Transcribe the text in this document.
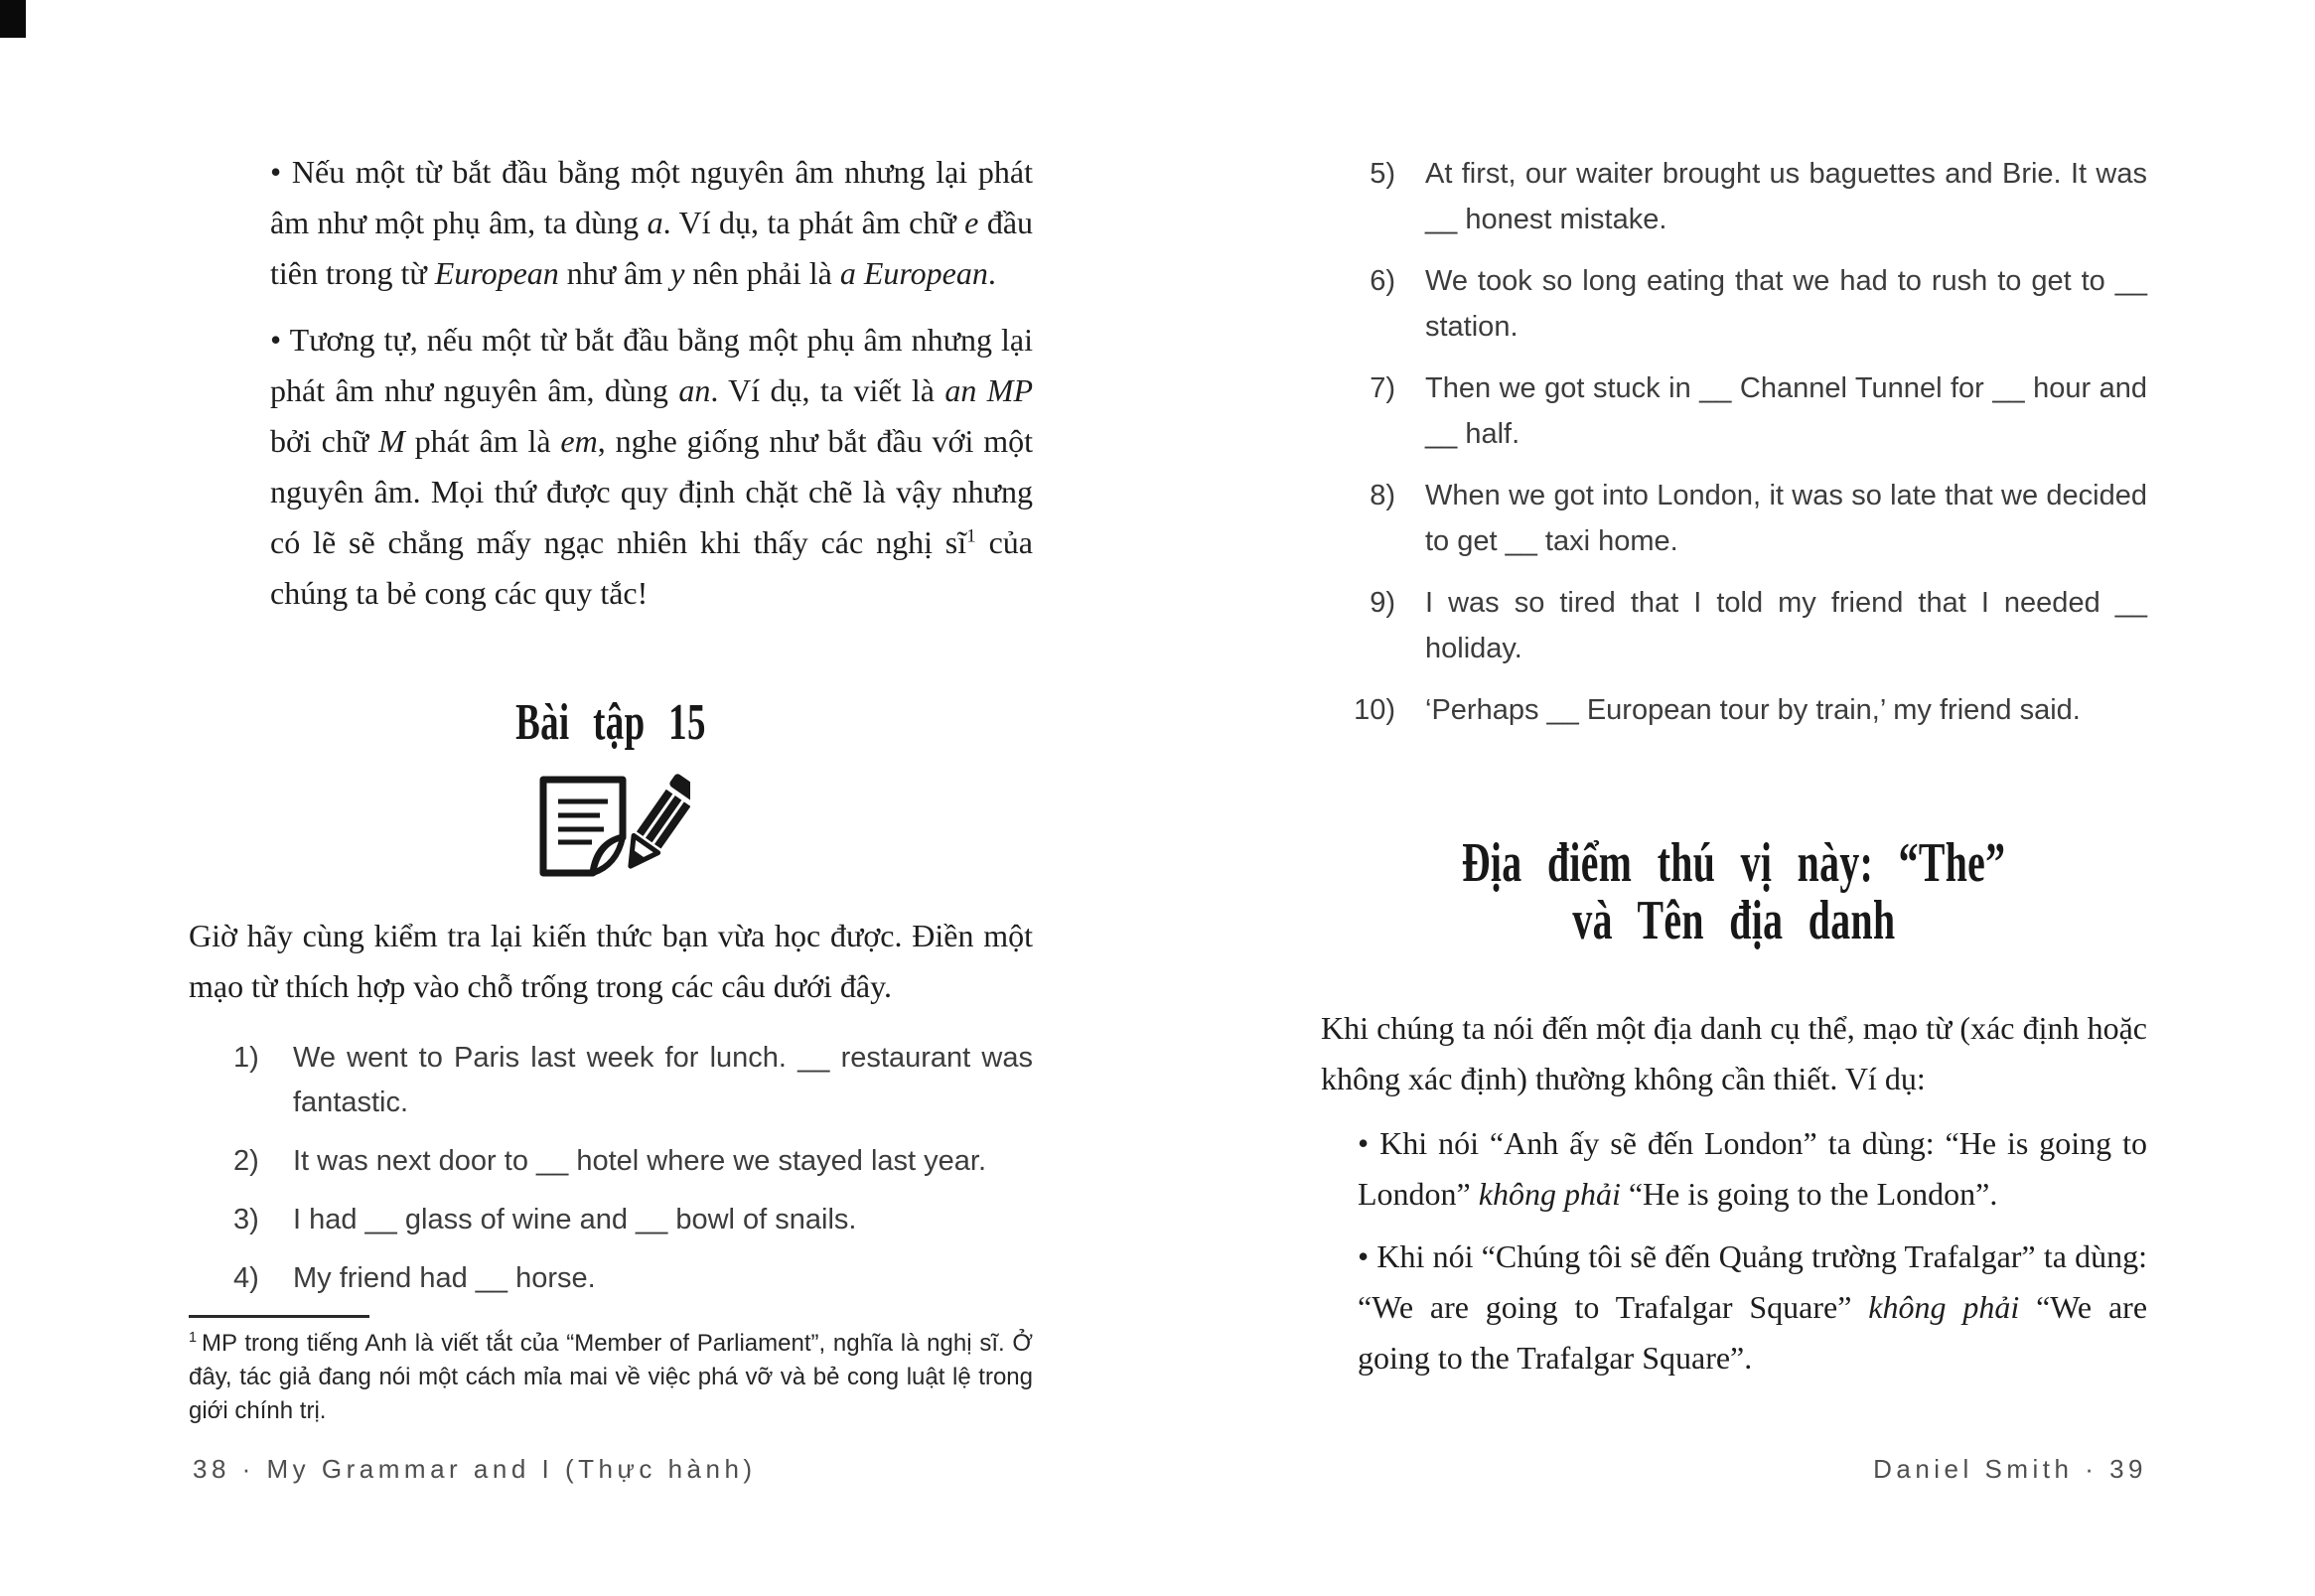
• Nếu một từ bắt đầu bằng một nguyên âm nhưng lại phát âm như một phụ âm, ta dùng a. Ví dụ, ta phát âm chữ e đầu tiên trong từ European như âm y nên phải là a European.

• Tương tự, nếu một từ bắt đầu bằng một phụ âm nhưng lại phát âm như nguyên âm, dùng an. Ví dụ, ta viết là an MP bởi chữ M phát âm là em, nghe giống như bắt đầu với một nguyên âm. Mọi thứ được quy định chặt chẽ là vậy nhưng có lẽ sẽ chẳng mấy ngạc nhiên khi thấy các nghị $sĩ^1$ của chúng ta bẻ cong các quy tắc!

Bài tập 15

Giờ hãy cùng kiểm tra lại kiến thức bạn vừa học được. Điền một mạo từ thích hợp vào chỗ trống trong các câu dưới đây.

1)	We went to Paris last week for lunch. __ restaurant was fantastic.
2)	It was next door to __ hotel where we stayed last year.
3)	I had __ glass of wine and __ bowl of snails.
4)	My friend had __ horse.

$^1$ MP trong tiếng Anh là viết tắt của “Member of Parliament”, nghĩa là nghị sĩ. Ở đây, tác giả đang nói một cách mỉa mai về việc phá vỡ và bẻ cong luật lệ trong giới chính trị.

38 · My Grammar and I (Thực hành)
5) At first, our waiter brought us baguettes and Brie. It was __ honest mistake.
6) We took so long eating that we had to rush to get to __ station.
7) Then we got stuck in __ Channel Tunnel for __ hour and __ half.
8) When we got into London, it was so late that we decided to get __ taxi home.
9) I was so tired that I told my friend that I needed __ holiday.
10) ‘Perhaps __ European tour by train,’ my friend said.
Địa điểm thú vị này: “The”
và Tên địa danh

Khi chúng ta nói đến một địa danh cụ thể, mạo từ (xác định hoặc không xác định) thường không cần thiết. Ví dụ:

• Khi nói “Anh ấy sẽ đến London” ta dùng: “He is going to London” không phải “He is going to the London”.

• Khi nói “Chúng tôi sẽ đến Quảng trường Trafalgar” ta dùng: “We are going to Trafalgar Square” không phải “We are going to the Trafalgar Square”.

Daniel Smith · 39
